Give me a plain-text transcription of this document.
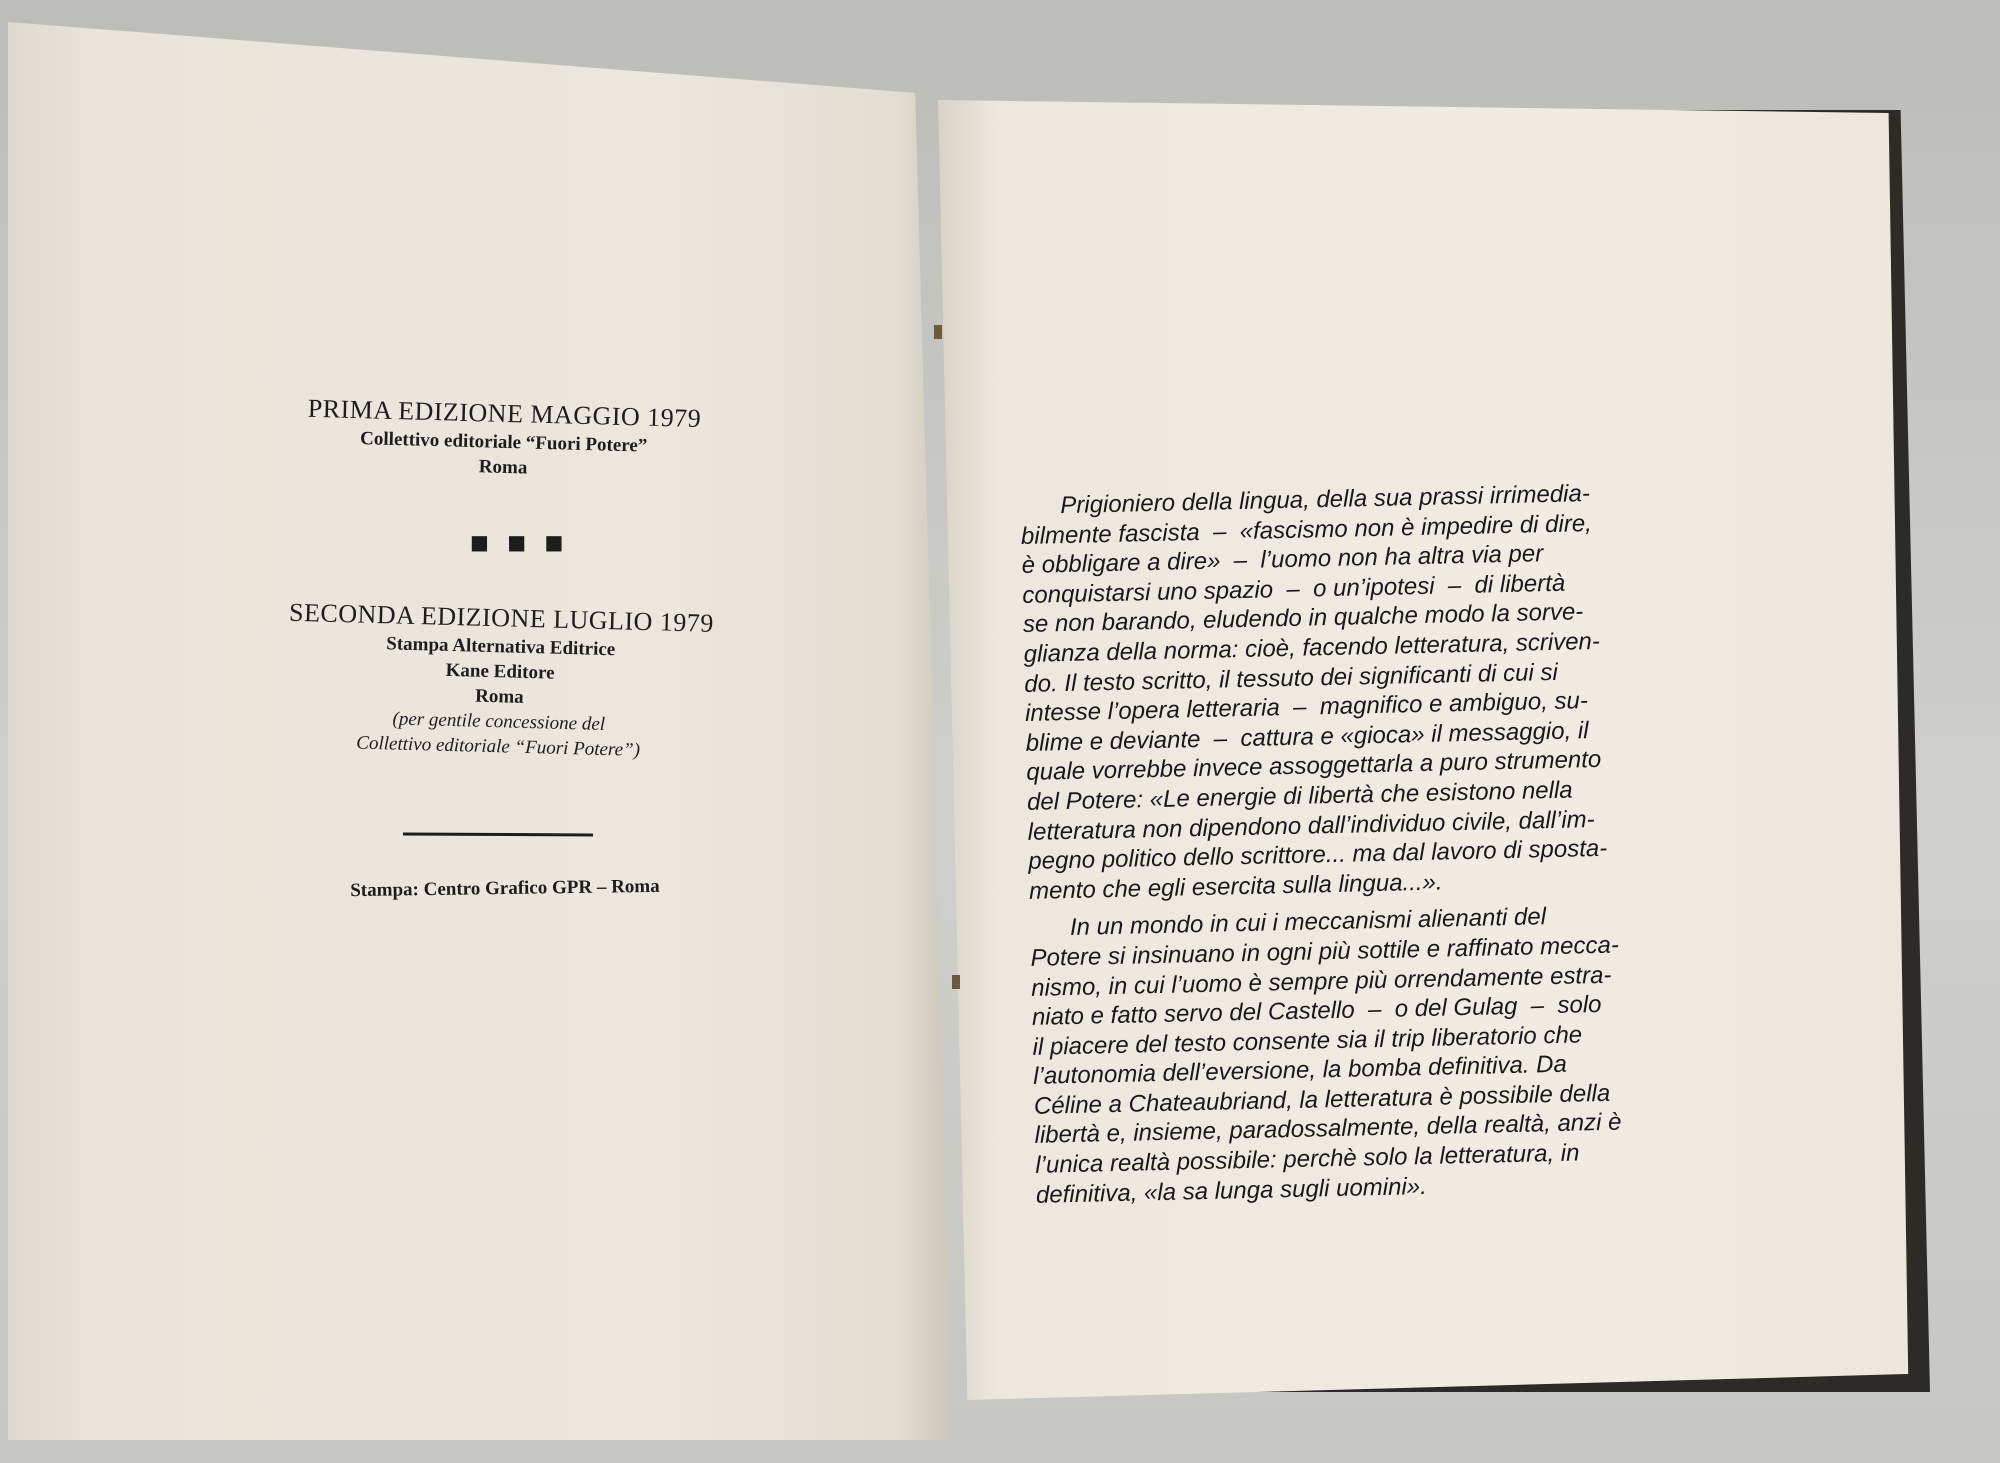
PRIMA EDIZIONE MAGGIO 1979
Collettivo editoriale “Fuori Potere”
Roma
■ ■ ■
SECONDA EDIZIONE LUGLIO 1979
Stampa Alternativa Editrice
Kane Editore
Roma
(per gentile concessione del
Collettivo editoriale “Fuori Potere”)
Stampa: Centro Grafico GPR – Roma

Prigioniero della lingua, della sua prassi irrimedia-
bilmente fascista  –  «fascismo non è impedire di dire,
è obbligare a dire»  –  l’uomo non ha altra via per
conquistarsi uno spazio  –  o un’ipotesi  –  di libertà
se non barando, eludendo in qualche modo la sorve-
glianza della norma: cioè, facendo letteratura, scriven-
do. Il testo scritto, il tessuto dei significanti di cui si
intesse l’opera letteraria  –  magnifico e ambiguo, su-
blime e deviante  –  cattura e «gioca» il messaggio, il
quale vorrebbe invece assoggettarla a puro strumento
del Potere: «Le energie di libertà che esistono nella
letteratura non dipendono dall’individuo civile, dall’im-
pegno politico dello scrittore... ma dal lavoro di sposta-
mento che egli esercita sulla lingua...».

In un mondo in cui i meccanismi alienanti del
Potere si insinuano in ogni più sottile e raffinato mecca-
nismo, in cui l’uomo è sempre più orrendamente estra-
niato e fatto servo del Castello  –  o del Gulag  –  solo
il piacere del testo consente sia il trip liberatorio che
l’autonomia dell’eversione, la bomba definitiva. Da
Céline a Chateaubriand, la letteratura è possibile della
libertà e, insieme, paradossalmente, della realtà, anzi è
l’unica realtà possibile: perchè solo la letteratura, in
definitiva, «la sa lunga sugli uomini».
